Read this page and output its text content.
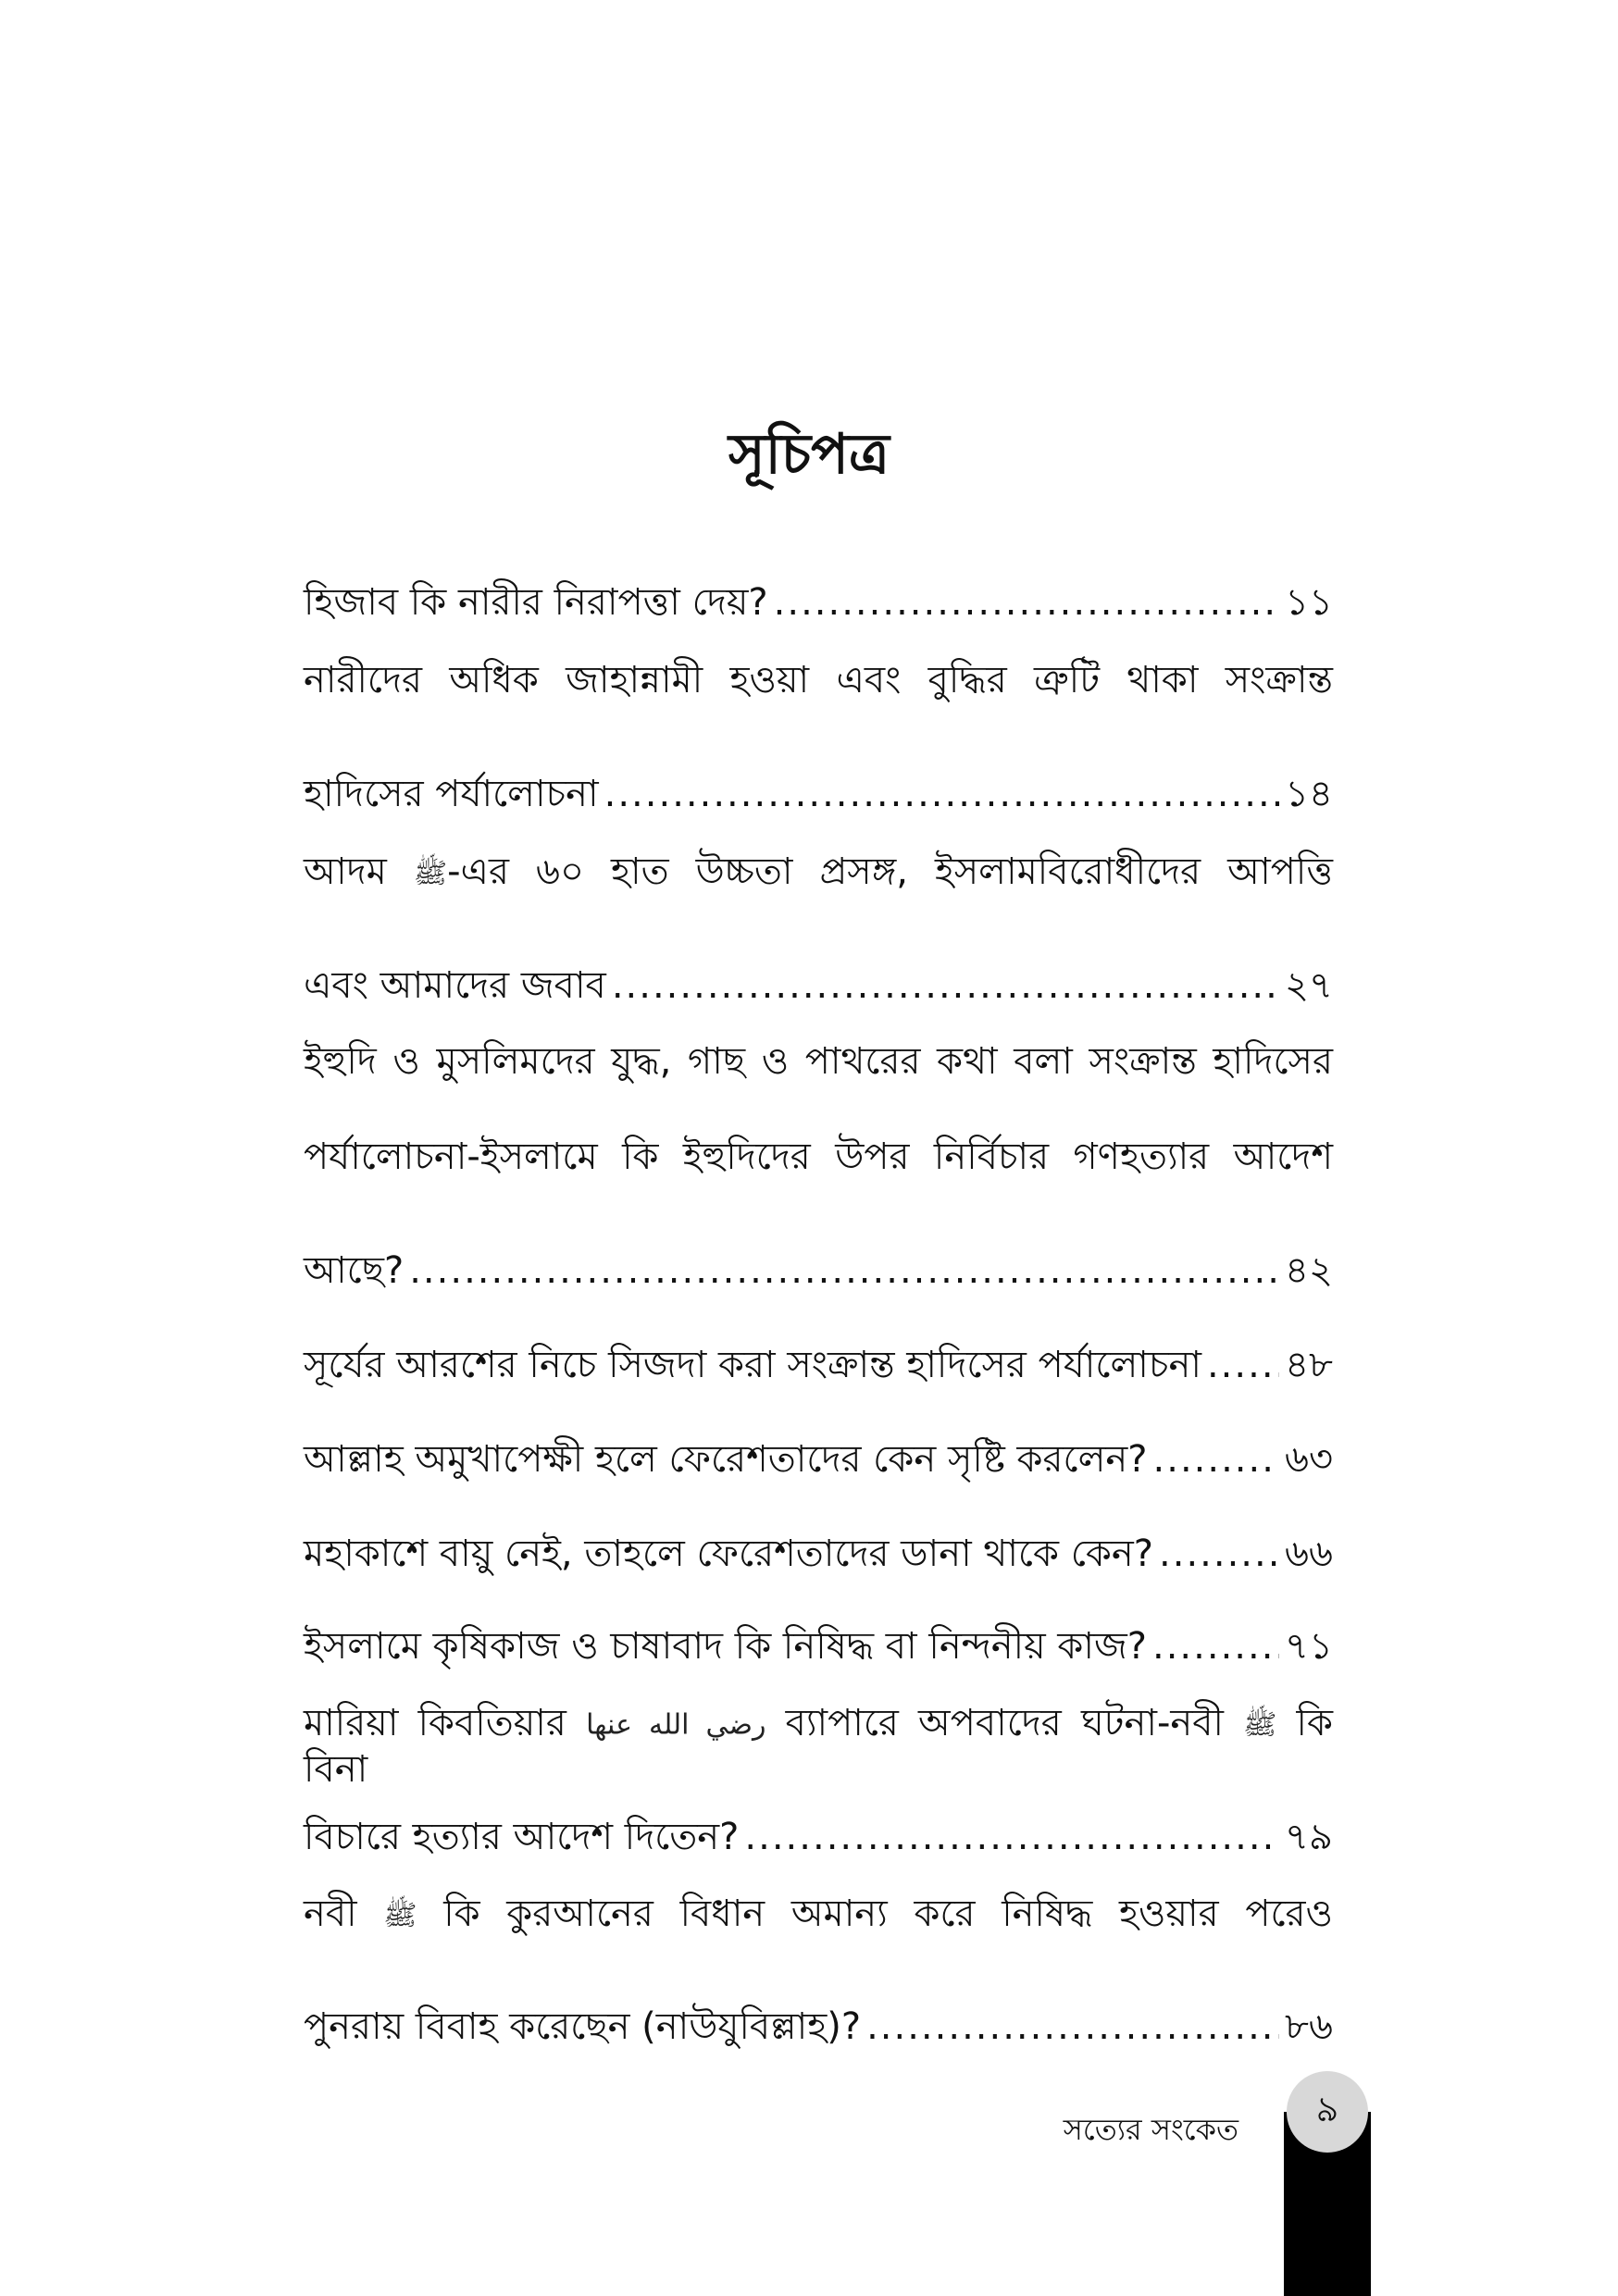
সূচিপত্র
হিজাব কি নারীর নিরাপত্তা দেয়? .....	১১
নারীদের অধিক জাহান্নামী হওয়া এবং বুদ্ধির ত্রুটি থাকা সংক্রান্ত
হাদিসের পর্যালোচনা .....	১৪
আদম ﷺ-এর ৬০ হাত উচ্চতা প্রসঙ্গ, ইসলামবিরোধীদের আপত্তি
এবং আমাদের জবাব .....	২৭
ইহুদি ও মুসলিমদের যুদ্ধ, গাছ ও পাথরের কথা বলা সংক্রান্ত হাদিসের
পর্যালোচনা-ইসলামে কি ইহুদিদের উপর নির্বিচার গণহত্যার আদেশ
আছে? .....	৪২
সূর্যের আরশের নিচে সিজদা করা সংক্রান্ত হাদিসের পর্যালোচনা ..... ৪৮
আল্লাহ অমুখাপেক্ষী হলে ফেরেশতাদের কেন সৃষ্টি করলেন? .....	৬৩
মহাকাশে বায়ু নেই, তাহলে ফেরেশতাদের ডানা থাকে কেন? .....	৬৬
ইসলামে কৃষিকাজ ও চাষাবাদ কি নিষিদ্ধ বা নিন্দনীয় কাজ? .....	৭১
মারিয়া কিবতিয়ার رضي الله عنها ব্যাপারে অপবাদের ঘটনা-নবী ﷺ কি বিনা
বিচারে হত্যার আদেশ দিতেন? .....	৭৯
নবী ﷺ কি কুরআনের বিধান অমান্য করে নিষিদ্ধ হওয়ার পরেও
পুনরায় বিবাহ করেছেন (নাউযুবিল্লাহ)? .....	৮৬
সত্যের সংকেত	৯
